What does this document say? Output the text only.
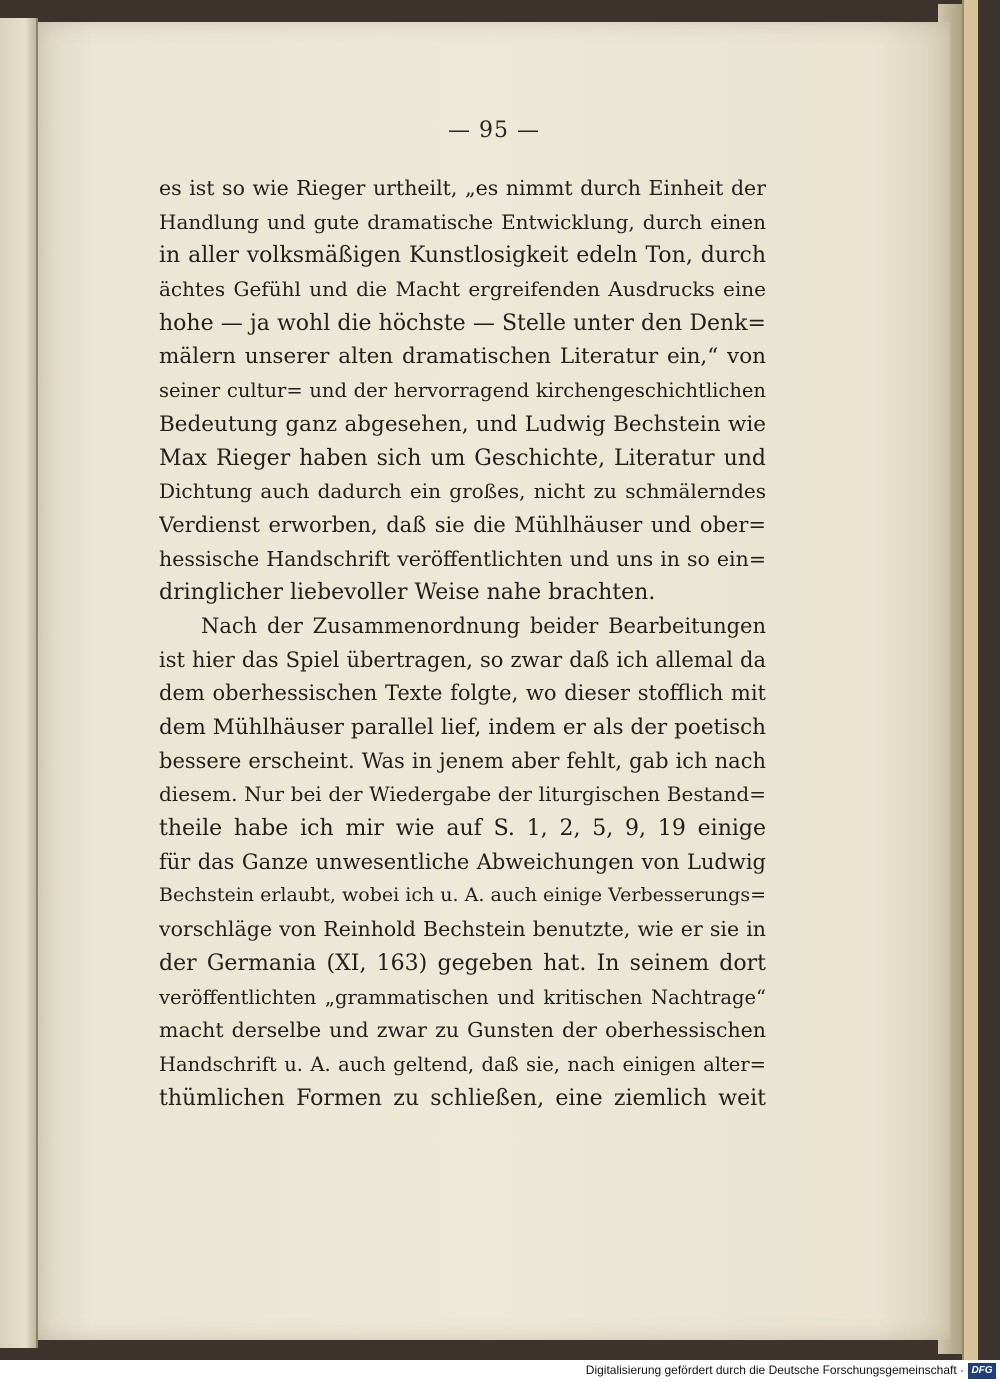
— 95 —
es ist so wie Rieger urtheilt, „es nimmt durch Einheit der
Handlung und gute dramatische Entwicklung, durch einen
in aller volksmäßigen Kunstlosigkeit edeln Ton, durch
ächtes Gefühl und die Macht ergreifenden Ausdrucks eine
hohe — ja wohl die höchste — Stelle unter den Denk=
mälern unserer alten dramatischen Literatur ein,“ von
seiner cultur= und der hervorragend kirchengeschichtlichen
Bedeutung ganz abgesehen, und Ludwig Bechstein wie
Max Rieger haben sich um Geschichte, Literatur und
Dichtung auch dadurch ein großes, nicht zu schmälerndes
Verdienst erworben, daß sie die Mühlhäuser und ober=
hessische Handschrift veröffentlichten und uns in so ein=
dringlicher liebevoller Weise nahe brachten.
Nach der Zusammenordnung beider Bearbeitungen
ist hier das Spiel übertragen, so zwar daß ich allemal da
dem oberhessischen Texte folgte, wo dieser stofflich mit
dem Mühlhäuser parallel lief, indem er als der poetisch
bessere erscheint. Was in jenem aber fehlt, gab ich nach
diesem. Nur bei der Wiedergabe der liturgischen Bestand=
theile habe ich mir wie auf S. 1, 2, 5, 9, 19 einige
für das Ganze unwesentliche Abweichungen von Ludwig
Bechstein erlaubt, wobei ich u. A. auch einige Verbesserungs=
vorschläge von Reinhold Bechstein benutzte, wie er sie in
der Germania (XI, 163) gegeben hat. In seinem dort
veröffentlichten „grammatischen und kritischen Nachtrage“
macht derselbe und zwar zu Gunsten der oberhessischen
Handschrift u. A. auch geltend, daß sie, nach einigen alter=
thümlichen Formen zu schließen, eine ziemlich weit
Digitalisierung gefördert durch die Deutsche Forschungsgemeinschaft · DFG
